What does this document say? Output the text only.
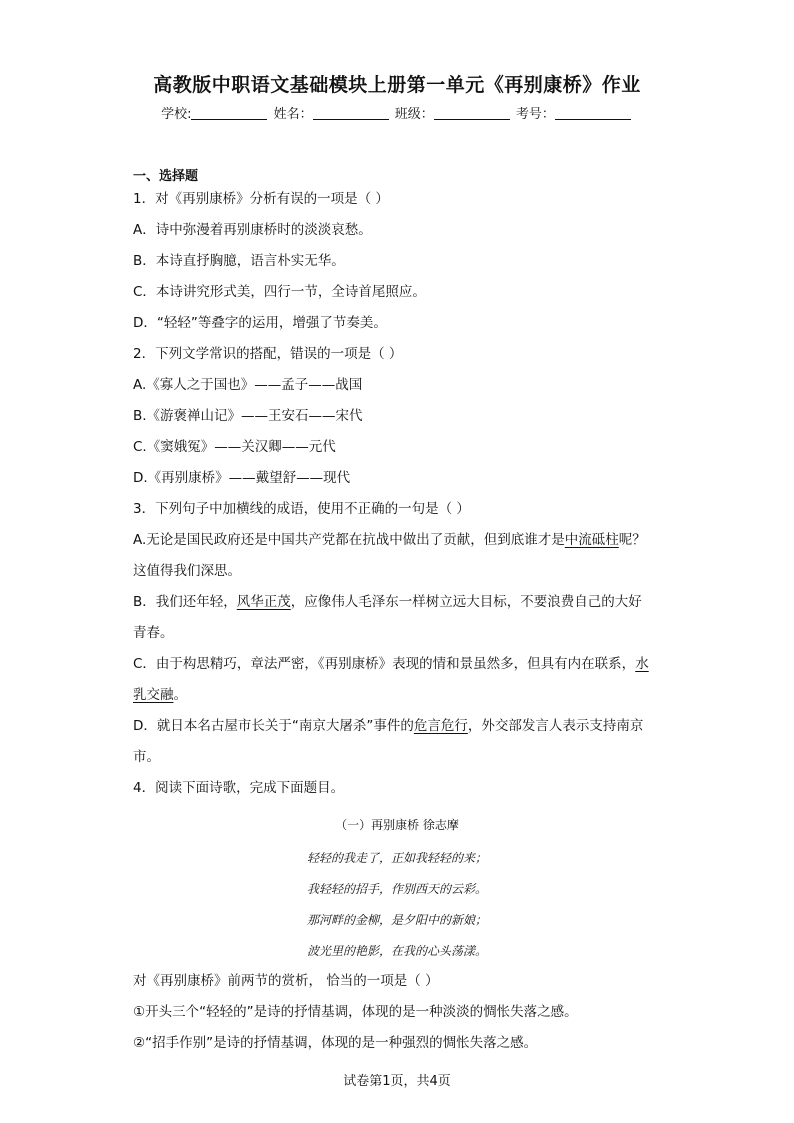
高教版中职语文基础模块上册第一单元《再别康桥》作业
学校:	姓名：	班级：	考号：
一、选择题
1．对《再别康桥》分析有误的一项是（ ）
A．诗中弥漫着再别康桥时的淡淡哀愁。
B．本诗直抒胸臆，语言朴实无华。
C．本诗讲究形式美，四行一节，全诗首尾照应。
D．“轻轻”等叠字的运用，增强了节奏美。
2．下列文学常识的搭配，错误的一项是（ ）
A.《寡人之于国也》——孟子——战国
B.《游褒禅山记》——王安石——宋代
C.《窦娥冤》——关汉卿——元代
D.《再别康桥》——戴望舒——现代
3．下列句子中加横线的成语，使用不正确的一句是（ ）
A.无论是国民政府还是中国共产党都在抗战中做出了贡献，但到底谁才是中流砥柱呢？
这值得我们深思。
B．我们还年轻，风华正茂，应像伟人毛泽东一样树立远大目标，不要浪费自己的大好
青春。
C．由于构思精巧，章法严密，《再别康桥》表现的情和景虽然多，但具有内在联系，水
乳交融。
D．就日本名古屋市长关于“南京大屠杀”事件的危言危行，外交部发言人表示支持南京
市。
4．阅读下面诗歌，完成下面题目。
（一）再别康桥 徐志摩
轻轻的我走了，正如我轻轻的来；
我轻轻的招手，作别西天的云彩。
那河畔的金柳，是夕阳中的新娘；
波光里的艳影，在我的心头荡漾。
对《再别康桥》前两节的赏析， 恰当的一项是（ ）
①开头三个“轻轻的”是诗的抒情基调，体现的是一种淡淡的惆怅失落之感。
②“招手作别”是诗的抒情基调，体现的是一种强烈的惆怅失落之感。
试卷第1页，共4页
